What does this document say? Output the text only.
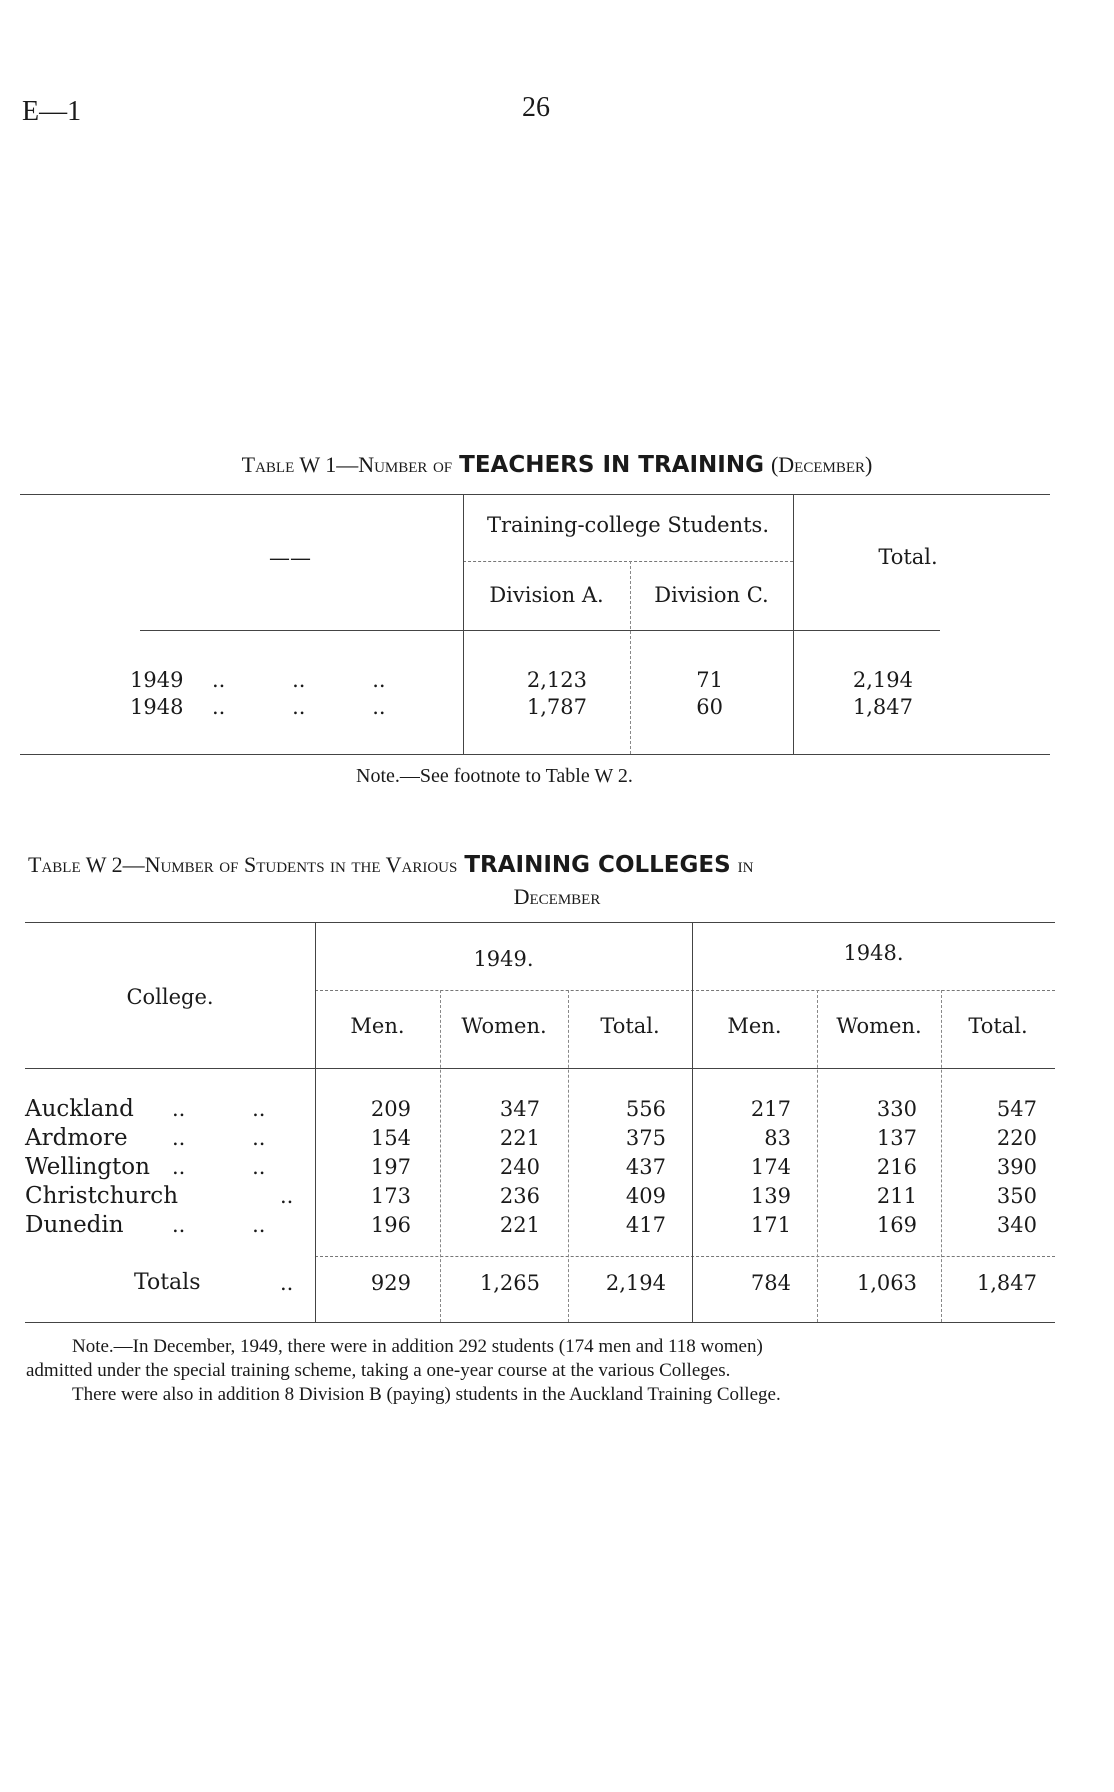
E—1	26
Table W 1—Number of TEACHERS IN TRAINING (December)
——
Training-college Students.
Division A.	Division C.
Total.
1949 ..          ..          ..	2,123	71	2,194
1948 ..          ..          ..	1,787	60	1,847
Note.—See footnote to Table W 2.
Table W 2—Number of Students in the Various TRAINING COLLEGES in
December
College.
1949.	1948.
Men.	Women.	Total.	Men.	Women.	Total.
Auckland ..          ..	209	347	556	217	330	547
Ardmore ..          ..	154	221	375	83	137	220
Wellington ..          ..	197	240	437	174	216	390
Christchurch	..	173	236	409	139	211	350
Dunedin ..          ..	196	221	417	171	169	340
Totals	..	929	1,265	2,194	784	1,063	1,847
Note.—In December, 1949, there were in addition 292 students (174 men and 118 women)
admitted under the special training scheme, taking a one-year course at the various Colleges.
There were also in addition 8 Division B (paying) students in the Auckland Training College.
